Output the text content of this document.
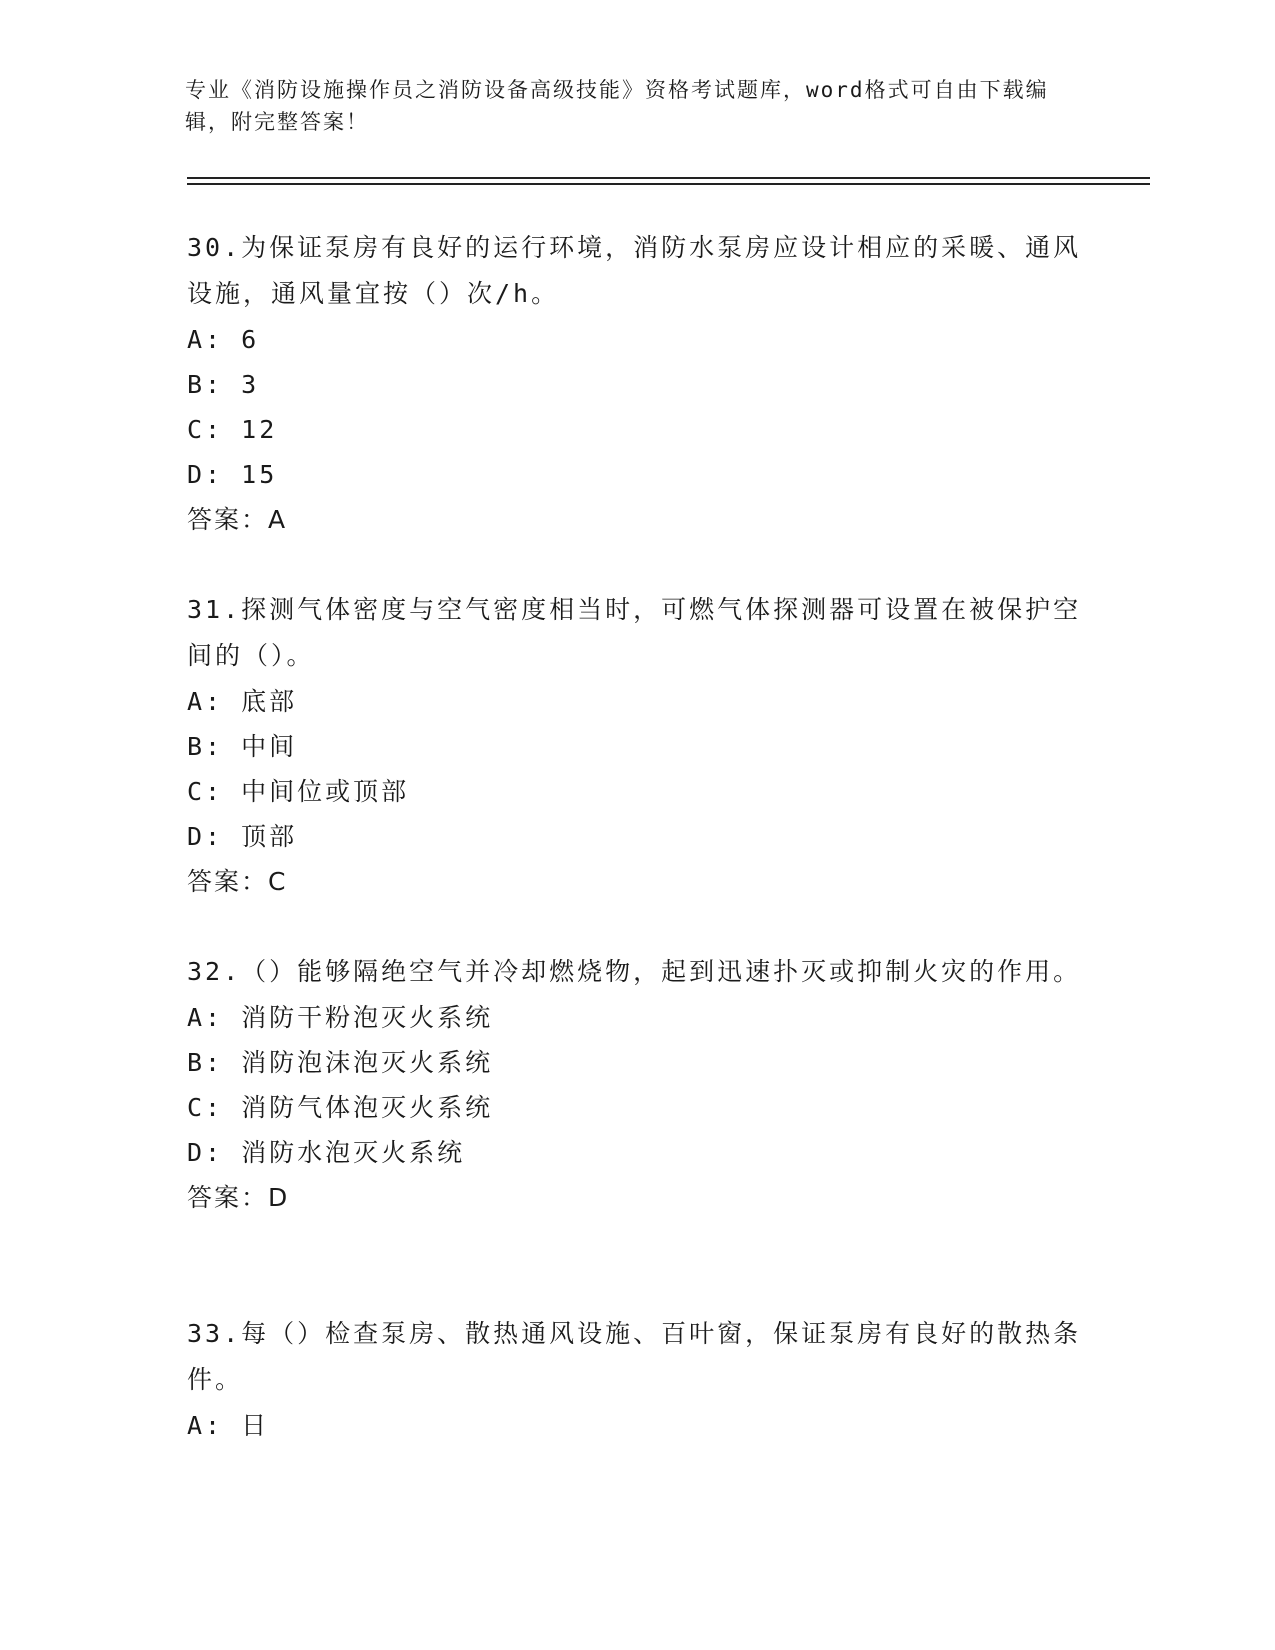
专业《消防设施操作员之消防设备高级技能》资格考试题库，word格式可自由下载编辑，附完整答案！
30.为保证泵房有良好的运行环境，消防水泵房应设计相应的采暖、通风设施，通风量宜按（）次/h。
A: 6
B: 3
C: 12
D: 15
答案：A
31.探测气体密度与空气密度相当时，可燃气体探测器可设置在被保护空间的（）。
A: 底部
B: 中间
C: 中间位或顶部
D: 顶部
答案：C
32.（）能够隔绝空气并冷却燃烧物，起到迅速扑灭或抑制火灾的作用。
A: 消防干粉泡灭火系统
B: 消防泡沫泡灭火系统
C: 消防气体泡灭火系统
D: 消防水泡灭火系统
答案：D
33.每（）检查泵房、散热通风设施、百叶窗，保证泵房有良好的散热条件。
A: 日
